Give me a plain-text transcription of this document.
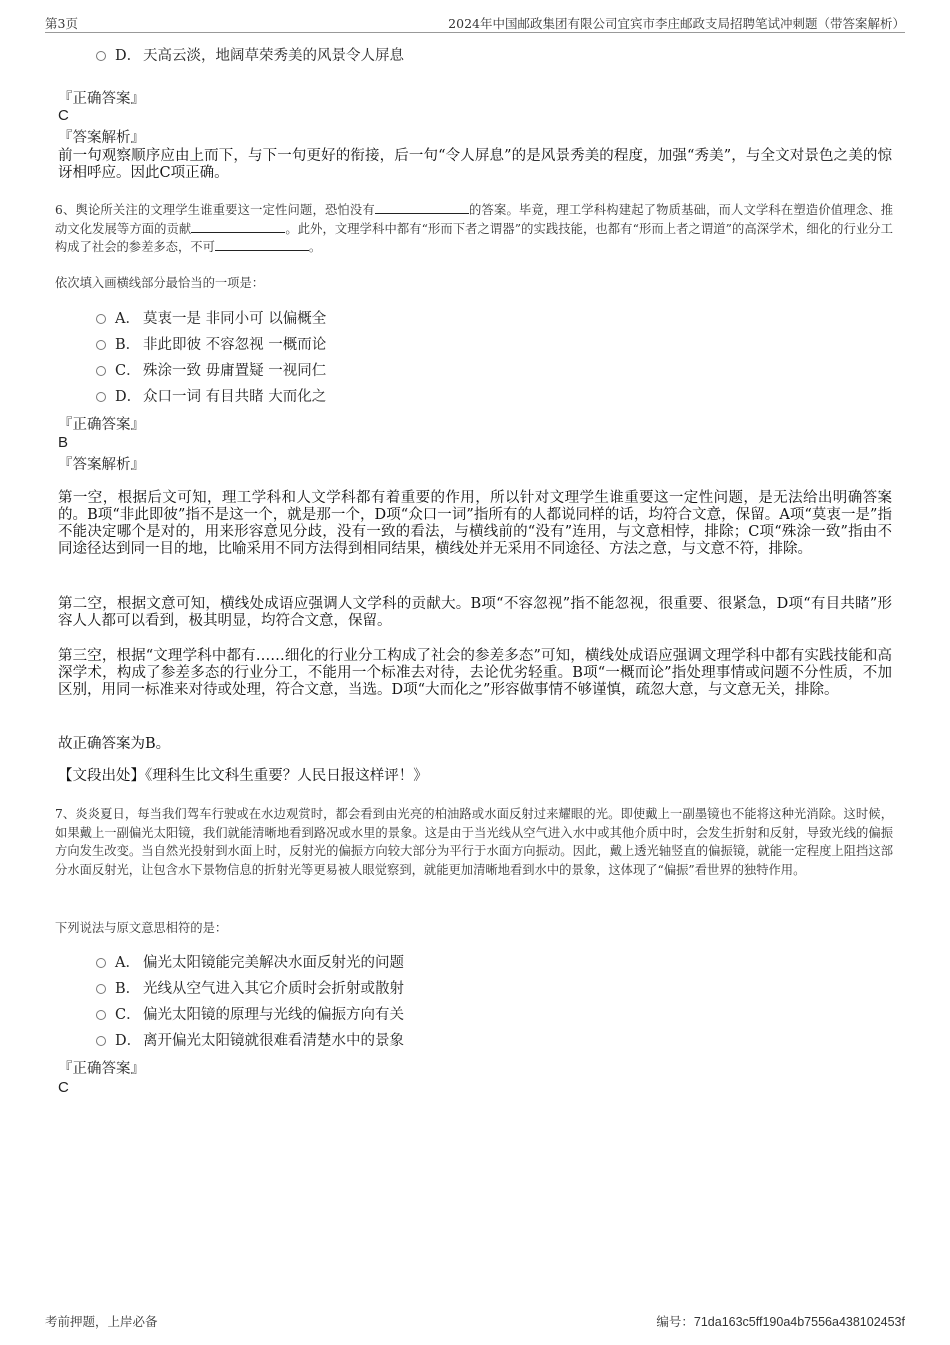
第3页	2024年中国邮政集团有限公司宜宾市李庄邮政支局招聘笔试冲刺题（带答案解析）
D． 天高云淡，地阔草荣秀美的风景令人屏息
『正确答案』
C
『答案解析』
前一句观察顺序应由上而下，与下一句更好的衔接，后一句“令人屏息”的是风景秀美的程度，加强“秀美”，与全文对景色之美的惊讶相呼应。因此C项正确。
6、舆论所关注的文理学生谁重要这一定性问题，恐怕没有	的答案。毕竟，理工学科构建起了物质基础，而人文学科在塑造价值理念、推动文化发展等方面的贡献	。此外，文理学科中都有“形而下者之谓器”的实践技能，也都有“形而上者之谓道”的高深学术，细化的行业分工构成了社会的参差多态，不可	。
依次填入画横线部分最恰当的一项是：
A． 莫衷一是 非同小可 以偏概全
B． 非此即彼 不容忽视 一概而论
C． 殊涂一致 毋庸置疑 一视同仁
D． 众口一词 有目共睹 大而化之
『正确答案』
B
『答案解析』
第一空，根据后文可知，理工学科和人文学科都有着重要的作用，所以针对文理学生谁重要这一定性问题，是无法给出明确答案的。B项“非此即彼”指不是这一个，就是那一个，D项“众口一词”指所有的人都说同样的话，均符合文意，保留。A项“莫衷一是”指不能决定哪个是对的，用来形容意见分歧，没有一致的看法，与横线前的“没有”连用，与文意相悖，排除；C项“殊涂一致”指由不同途径达到同一目的地，比喻采用不同方法得到相同结果，横线处并无采用不同途径、方法之意，与文意不符，排除。
第二空，根据文意可知，横线处成语应强调人文学科的贡献大。B项“不容忽视”指不能忽视，很重要、很紧急，D项“有目共睹”形容人人都可以看到，极其明显，均符合文意，保留。
第三空，根据“文理学科中都有……细化的行业分工构成了社会的参差多态”可知，横线处成语应强调文理学科中都有实践技能和高深学术，构成了参差多态的行业分工，不能用一个标准去对待，去论优劣轻重。B项“一概而论”指处理事情或问题不分性质，不加区别，用同一标准来对待或处理，符合文意，当选。D项“大而化之”形容做事情不够谨慎，疏忽大意，与文意无关，排除。
故正确答案为B。
【文段出处】《理科生比文科生重要？人民日报这样评！》
7、炎炎夏日，每当我们驾车行驶或在水边观赏时，都会看到由光亮的柏油路或水面反射过来耀眼的光。即使戴上一副墨镜也不能将这种光消除。这时候，如果戴上一副偏光太阳镜，我们就能清晰地看到路况或水里的景象。这是由于当光线从空气进入水中或其他介质中时，会发生折射和反射，导致光线的偏振方向发生改变。当自然光投射到水面上时，反射光的偏振方向较大部分为平行于水面方向振动。因此，戴上透光轴竖直的偏振镜，就能一定程度上阻挡这部分水面反射光，让包含水下景物信息的折射光等更易被人眼觉察到，就能更加清晰地看到水中的景象，这体现了“偏振”看世界的独特作用。
下列说法与原文意思相符的是：
A． 偏光太阳镜能完美解决水面反射光的问题
B． 光线从空气进入其它介质时会折射或散射
C． 偏光太阳镜的原理与光线的偏振方向有关
D． 离开偏光太阳镜就很难看清楚水中的景象
『正确答案』
C
考前押题，上岸必备	编号：71da163c5ff190a4b7556a438102453f
